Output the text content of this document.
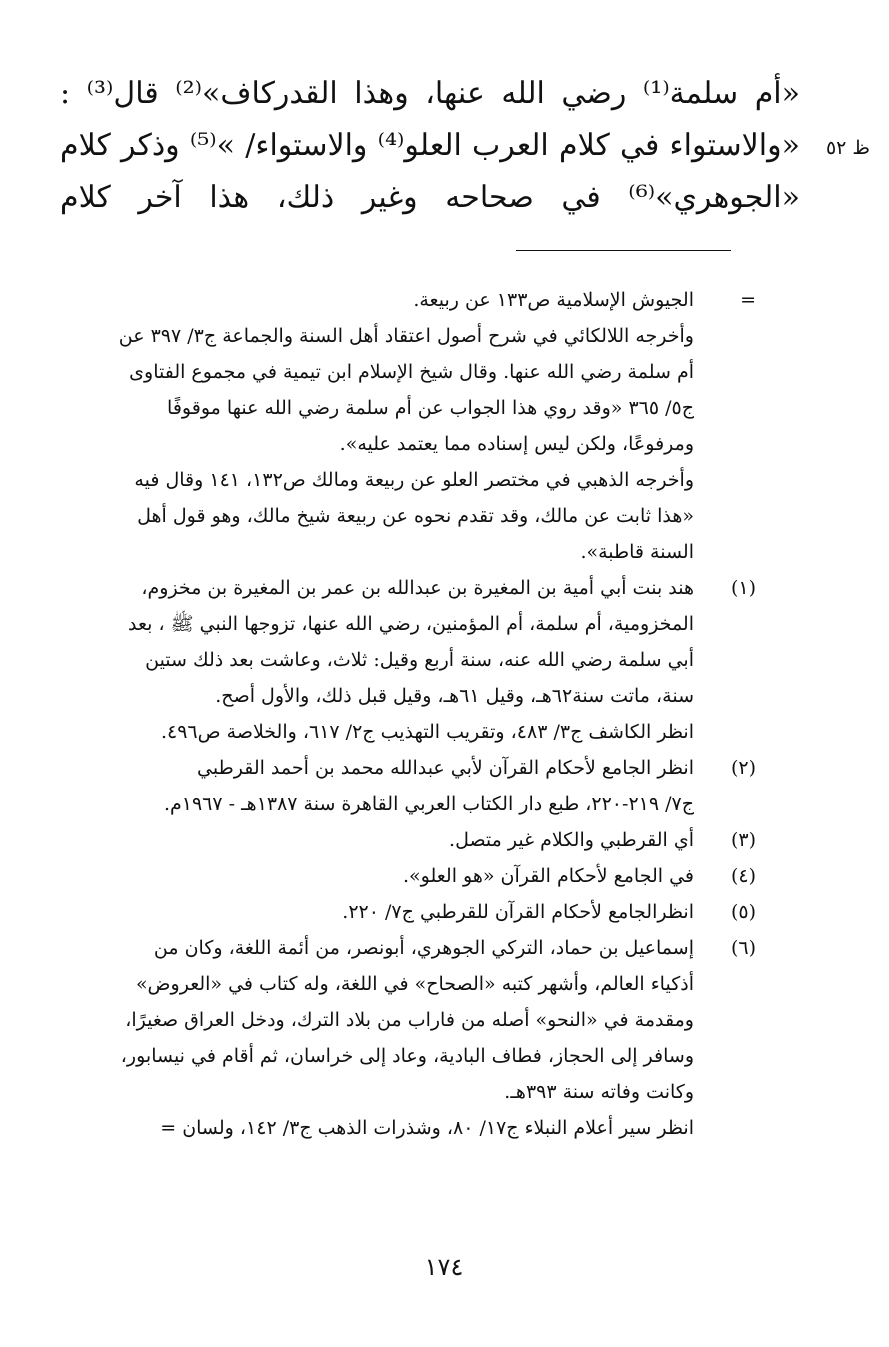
«أم سلمة⁽¹⁾ رضي الله عنها، وهذا القدركاف»⁽²⁾ قال⁽³⁾ :
«والاستواء في كلام العرب العلو⁽⁴⁾ والاستواء/ »⁽⁵⁾ وذكر كلام
«الجوهري»⁽⁶⁾ في صحاحه وغير ذلك، هذا آخر كلام
ظ ٥٢
=
الجيوش الإسلامية ص١٣٣ عن ربيعة.
وأخرجه اللالكائي في شرح أصول اعتقاد أهل السنة والجماعة ج٣/ ٣٩٧ عن
أم سلمة رضي الله عنها. وقال شيخ الإسلام ابن تيمية في مجموع الفتاوى
ج٥/ ٣٦٥ «وقد روي هذا الجواب عن أم سلمة رضي الله عنها موقوفًا
ومرفوعًا، ولكن ليس إسناده مما يعتمد عليه».
وأخرجه الذهبي في مختصر العلو عن ربيعة ومالك ص١٣٢، ١٤١ وقال فيه
«هذا ثابت عن مالك، وقد تقدم نحوه عن ربيعة شيخ مالك، وهو قول أهل
السنة قاطبة».
(١)
هند بنت أبي أمية بن المغيرة بن عبدالله بن عمر بن المغيرة بن مخزوم،
المخزومية، أم سلمة، أم المؤمنين، رضي الله عنها، تزوجها النبي ﷺ ، بعد
أبي سلمة رضي الله عنه، سنة أربع وقيل: ثلاث، وعاشت بعد ذلك ستين
سنة، ماتت سنة٦٢هـ، وقيل ٦١هـ، وقيل قبل ذلك، والأول أصح.
انظر الكاشف ج٣/ ٤٨٣، وتقريب التهذيب ج٢/ ٦١٧، والخلاصة ص٤٩٦.
(٢)
انظر الجامع لأحكام القرآن لأبي عبدالله محمد بن أحمد القرطبي
ج٧/ ٢١٩-٢٢٠، طبع دار الكتاب العربي القاهرة سنة ١٣٨٧هـ - ١٩٦٧م.
(٣)
أي القرطبي والكلام غير متصل.
(٤)
في الجامع لأحكام القرآن «هو العلو».
(٥)
انظرالجامع لأحكام القرآن للقرطبي ج٧/ ٢٢٠.
(٦)
إسماعيل بن حماد، التركي الجوهري، أبونصر، من أئمة اللغة، وكان من
أذكياء العالم، وأشهر كتبه «الصحاح» في اللغة، وله كتاب في «العروض»
ومقدمة في «النحو» أصله من فاراب من بلاد الترك، ودخل العراق صغيرًا،
وسافر إلى الحجاز، فطاف البادية، وعاد إلى خراسان، ثم أقام في نيسابور،
وكانت وفاته سنة ٣٩٣هـ.
انظر سير أعلام النبلاء ج١٧/ ٨٠، وشذرات الذهب ج٣/ ١٤٢، ولسان =
١٧٤
